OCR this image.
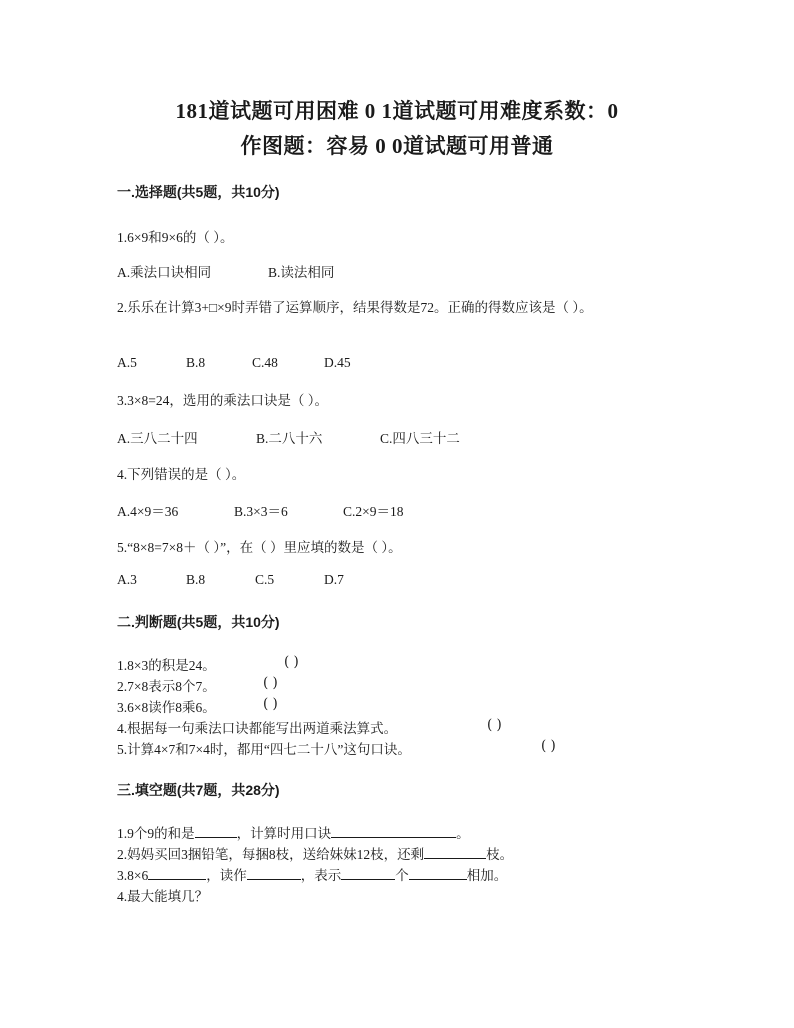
181道试题可用困难 0 1道试题可用难度系数：0
作图题：容易 0 0道试题可用普通
一.选择题(共5题，共10分)
1.6×9和9×6的（ ）。
A.乘法口诀相同	B.读法相同
2.乐乐在计算3+□×9时弄错了运算顺序，结果得数是72。正确的得数应该是（ ）。
A.5	B.8	C.48	D.45
3.3×8=24，选用的乘法口诀是（ ）。
A.三八二十四	B.二八十六	C.四八三十二
4.下列错误的是（ ）。
A.4×9＝36	B.3×3＝6	C.2×9＝18
5.“8×8=7×8＋（ ）”，在（ ）里应填的数是（ ）。
A.3	B.8	C.5	D.7
二.判断题(共5题，共10分)
1.8×3的积是24。	( )
2.7×8表示8个7。	( )
3.6×8读作8乘6。	( )
4.根据每一句乘法口诀都能写出两道乘法算式。	( )
5.计算4×7和7×4时，都用“四七二十八”这句口诀。	( )
三.填空题(共7题，共28分)
1.9个9的和是	，计算时用口诀	。
2.妈妈买回3捆铅笔，每捆8枝，送给妹妹12枝，还剩	枝。
3.8×6	，读作	，表示	个	相加。
4.最大能填几？
